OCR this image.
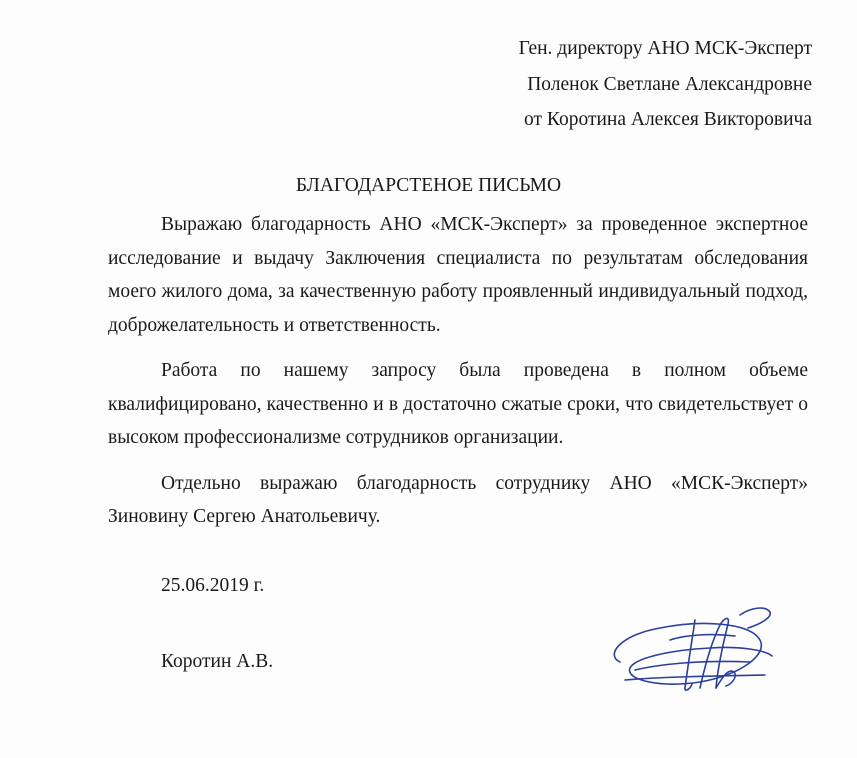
Ген. директору АНО МСК-Эксперт
Поленок Светлане Александровне
от Коротина Алексея Викторовича
БЛАГОДАРСТЕНОЕ ПИСЬМО

Выражаю благодарность АНО «МСК-Эксперт» за проведенное экспертное исследование и выдачу Заключения специалиста по результатам обследования моего жилого дома, за качественную работу проявленный индивидуальный подход, доброжелательность и ответственность.

Работа по нашему запросу была проведена в полном объеме квалифицировано, качественно и в достаточно сжатые сроки, что свидетельствует о высоком профессионализме сотрудников организации.

Отдельно выражаю благодарность сотруднику АНО «МСК-Эксперт» Зиновину Сергею Анатольевичу.

25.06.2019 г.
Коротин А.В.
